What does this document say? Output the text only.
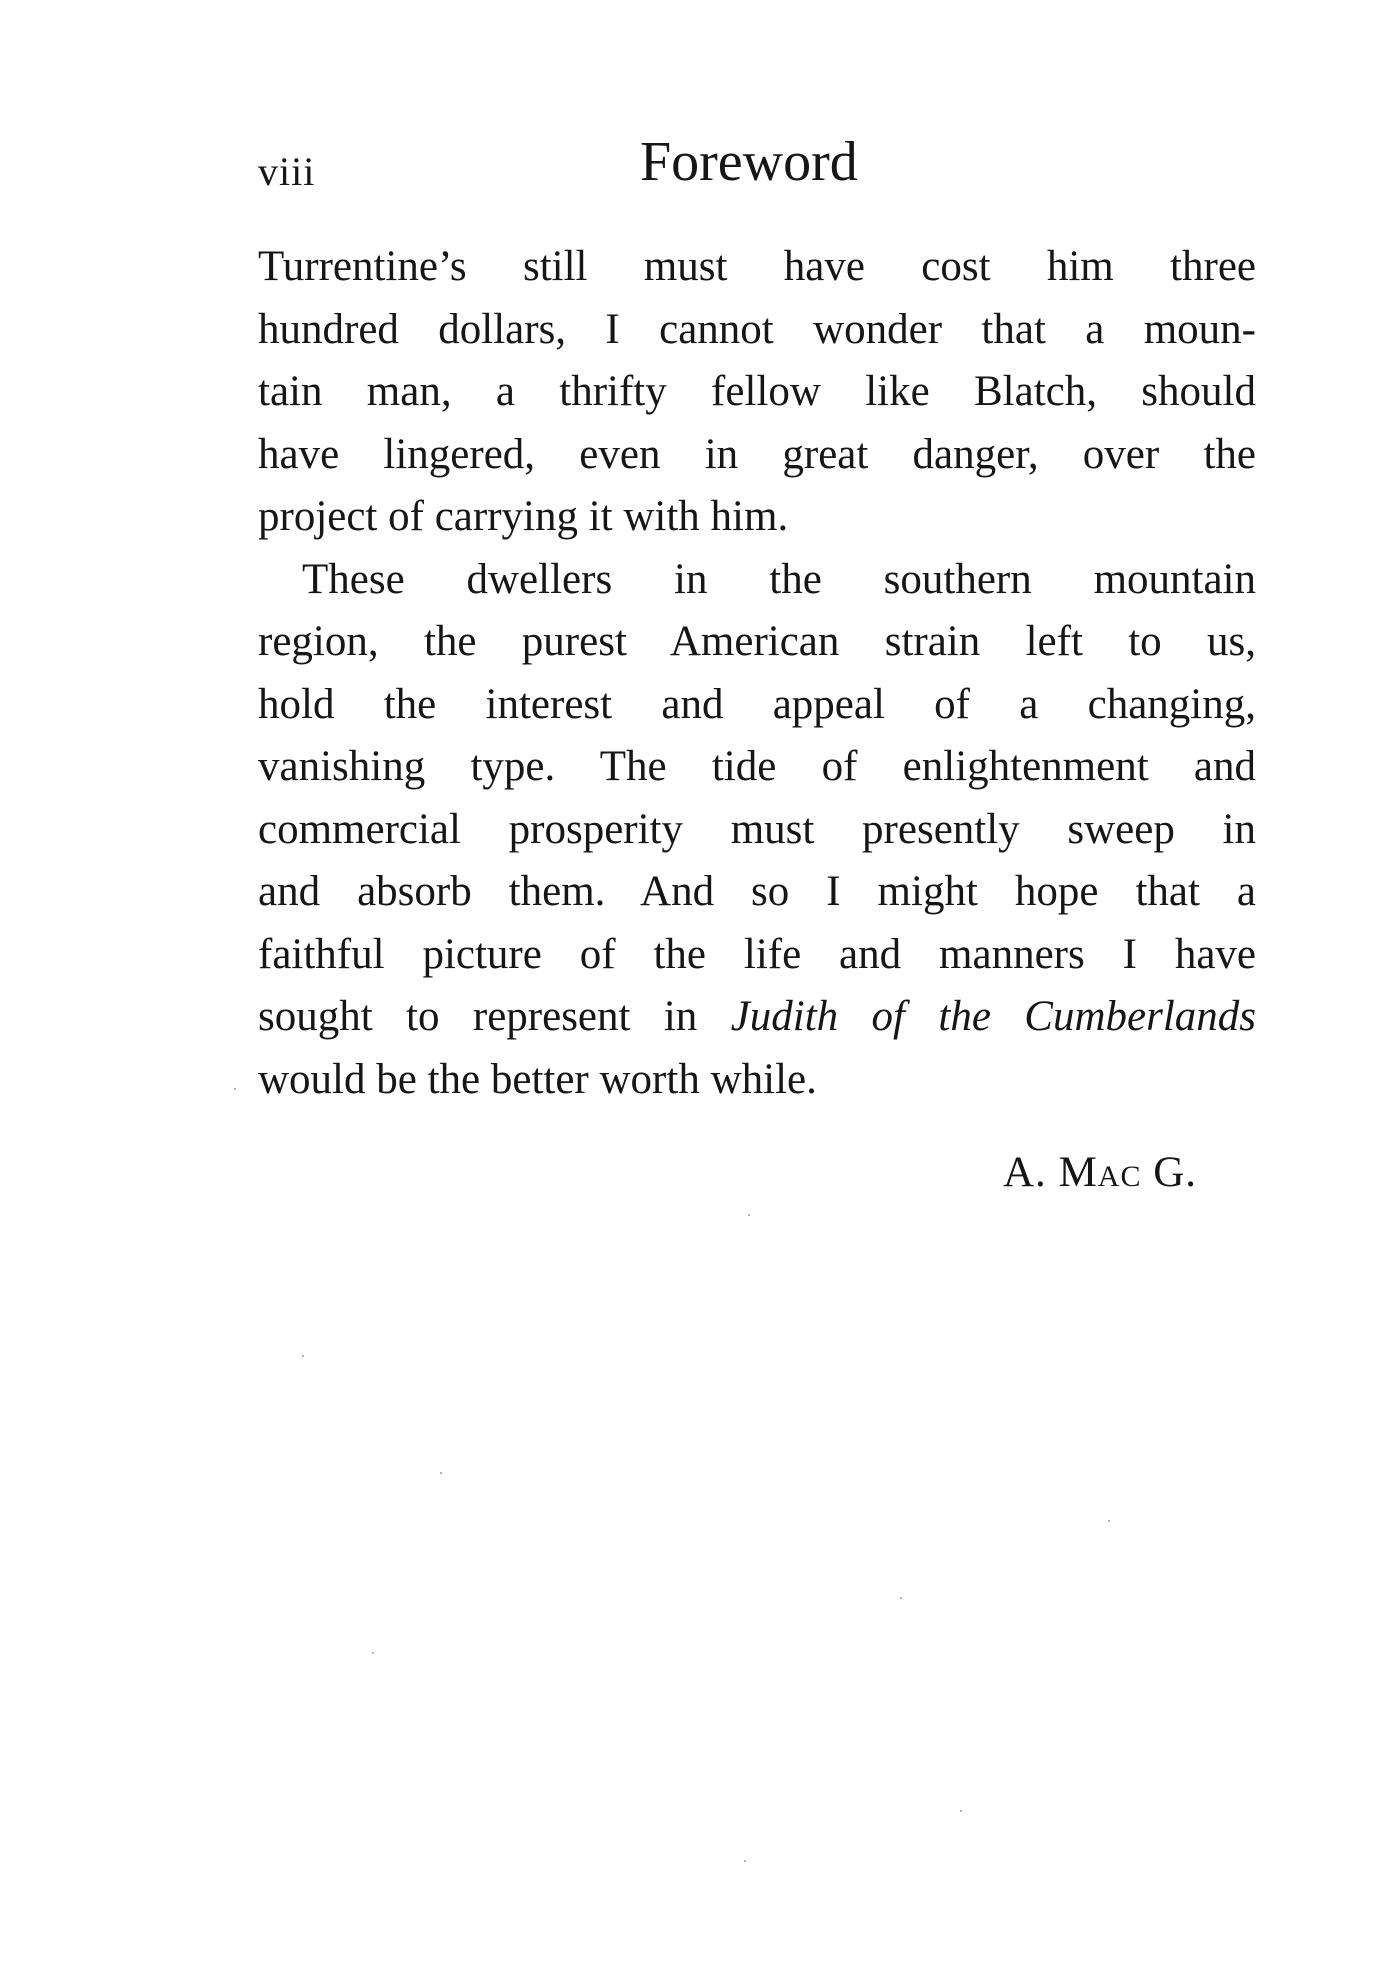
viii	Foreword
Turrentine’s still must have cost him three
hundred dollars, I cannot wonder that a moun-
tain man, a thrifty fellow like Blatch, should
have lingered, even in great danger, over the
project of carrying it with him.
These dwellers in the southern mountain
region, the purest American strain left to us,
hold the interest and appeal of a changing,
vanishing type. The tide of enlightenment and
commercial prosperity must presently sweep in
and absorb them. And so I might hope that a
faithful picture of the life and manners I have
sought to represent in Judith of the Cumberlands
would be the better worth while.
A. Mac G.
